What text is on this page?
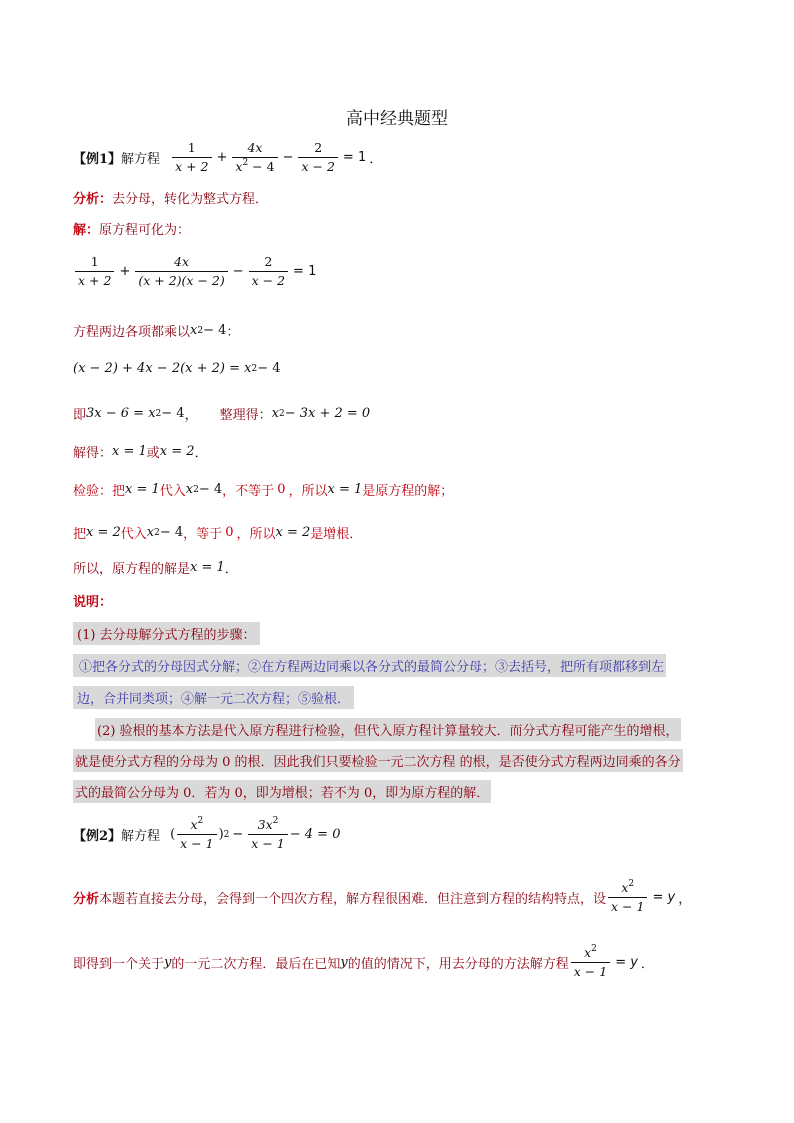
高中经典题型
【例1】 解方程 $\frac{1}{x + 2} + \frac{4x}{x^2 - 4} - \frac{2}{x - 2} = 1$ ．
分析： 去分母，转化为整式方程．
解： 原方程可化为：
$\frac{1}{x + 2} + \frac{4x}{(x + 2)(x - 2)} - \frac{2}{x - 2} = 1$
方程两边各项都乘以 x 2 − 4 ：
(x − 2) + 4x − 2(x + 2) = x 2 − 4
即 3x − 6 = x 2 − 4 ， 整理得： x 2 − 3x + 2 = 0
解得： x = 1 或 x = 2 ．
检验：把 x = 1 代入 x 2 − 4 ，不等于 0 ，所以 x = 1 是原方程的解；
把 x = 2 代入 x 2 − 4 ，等于 0 ，所以 x = 2 是增根．
所以，原方程的解是 x = 1 ．
说明：
(1) 去分母解分式方程的步骤：
①把各分式的分母因式分解；②在方程两边同乘以各分式的最简公分母；③去括号，把所有项都移到左
边，合并同类项；④解一元二次方程；⑤验根．
(2) 验根的基本方法是代入原方程进行检验，但代入原方程计算量较大．而分式方程可能产生的增根，
就是使分式方程的分母为 0 的根．因此我们只要检验一元二次方程 的根，是否使分式方程两边同乘的各分
式的最简公分母为 0．若为 0，即为增根；若不为 0，即为原方程的解．
【例2】 解方程 ( $\frac{x^2}{x - 1}$ ) $2 - \frac{3x^2}{x - 1} - 4 = 0$
分析 本题若直接去分母，会得到一个四次方程，解方程很困难．但注意到方程的结构特点，设 $\frac{x^2}{x - 1} = y$ ，
即得到一个关于 y 的一元二次方程．最后在已知 y 的值的情况下，用去分母的方法解方程 $\frac{x^2}{x - 1} = y$ ．
